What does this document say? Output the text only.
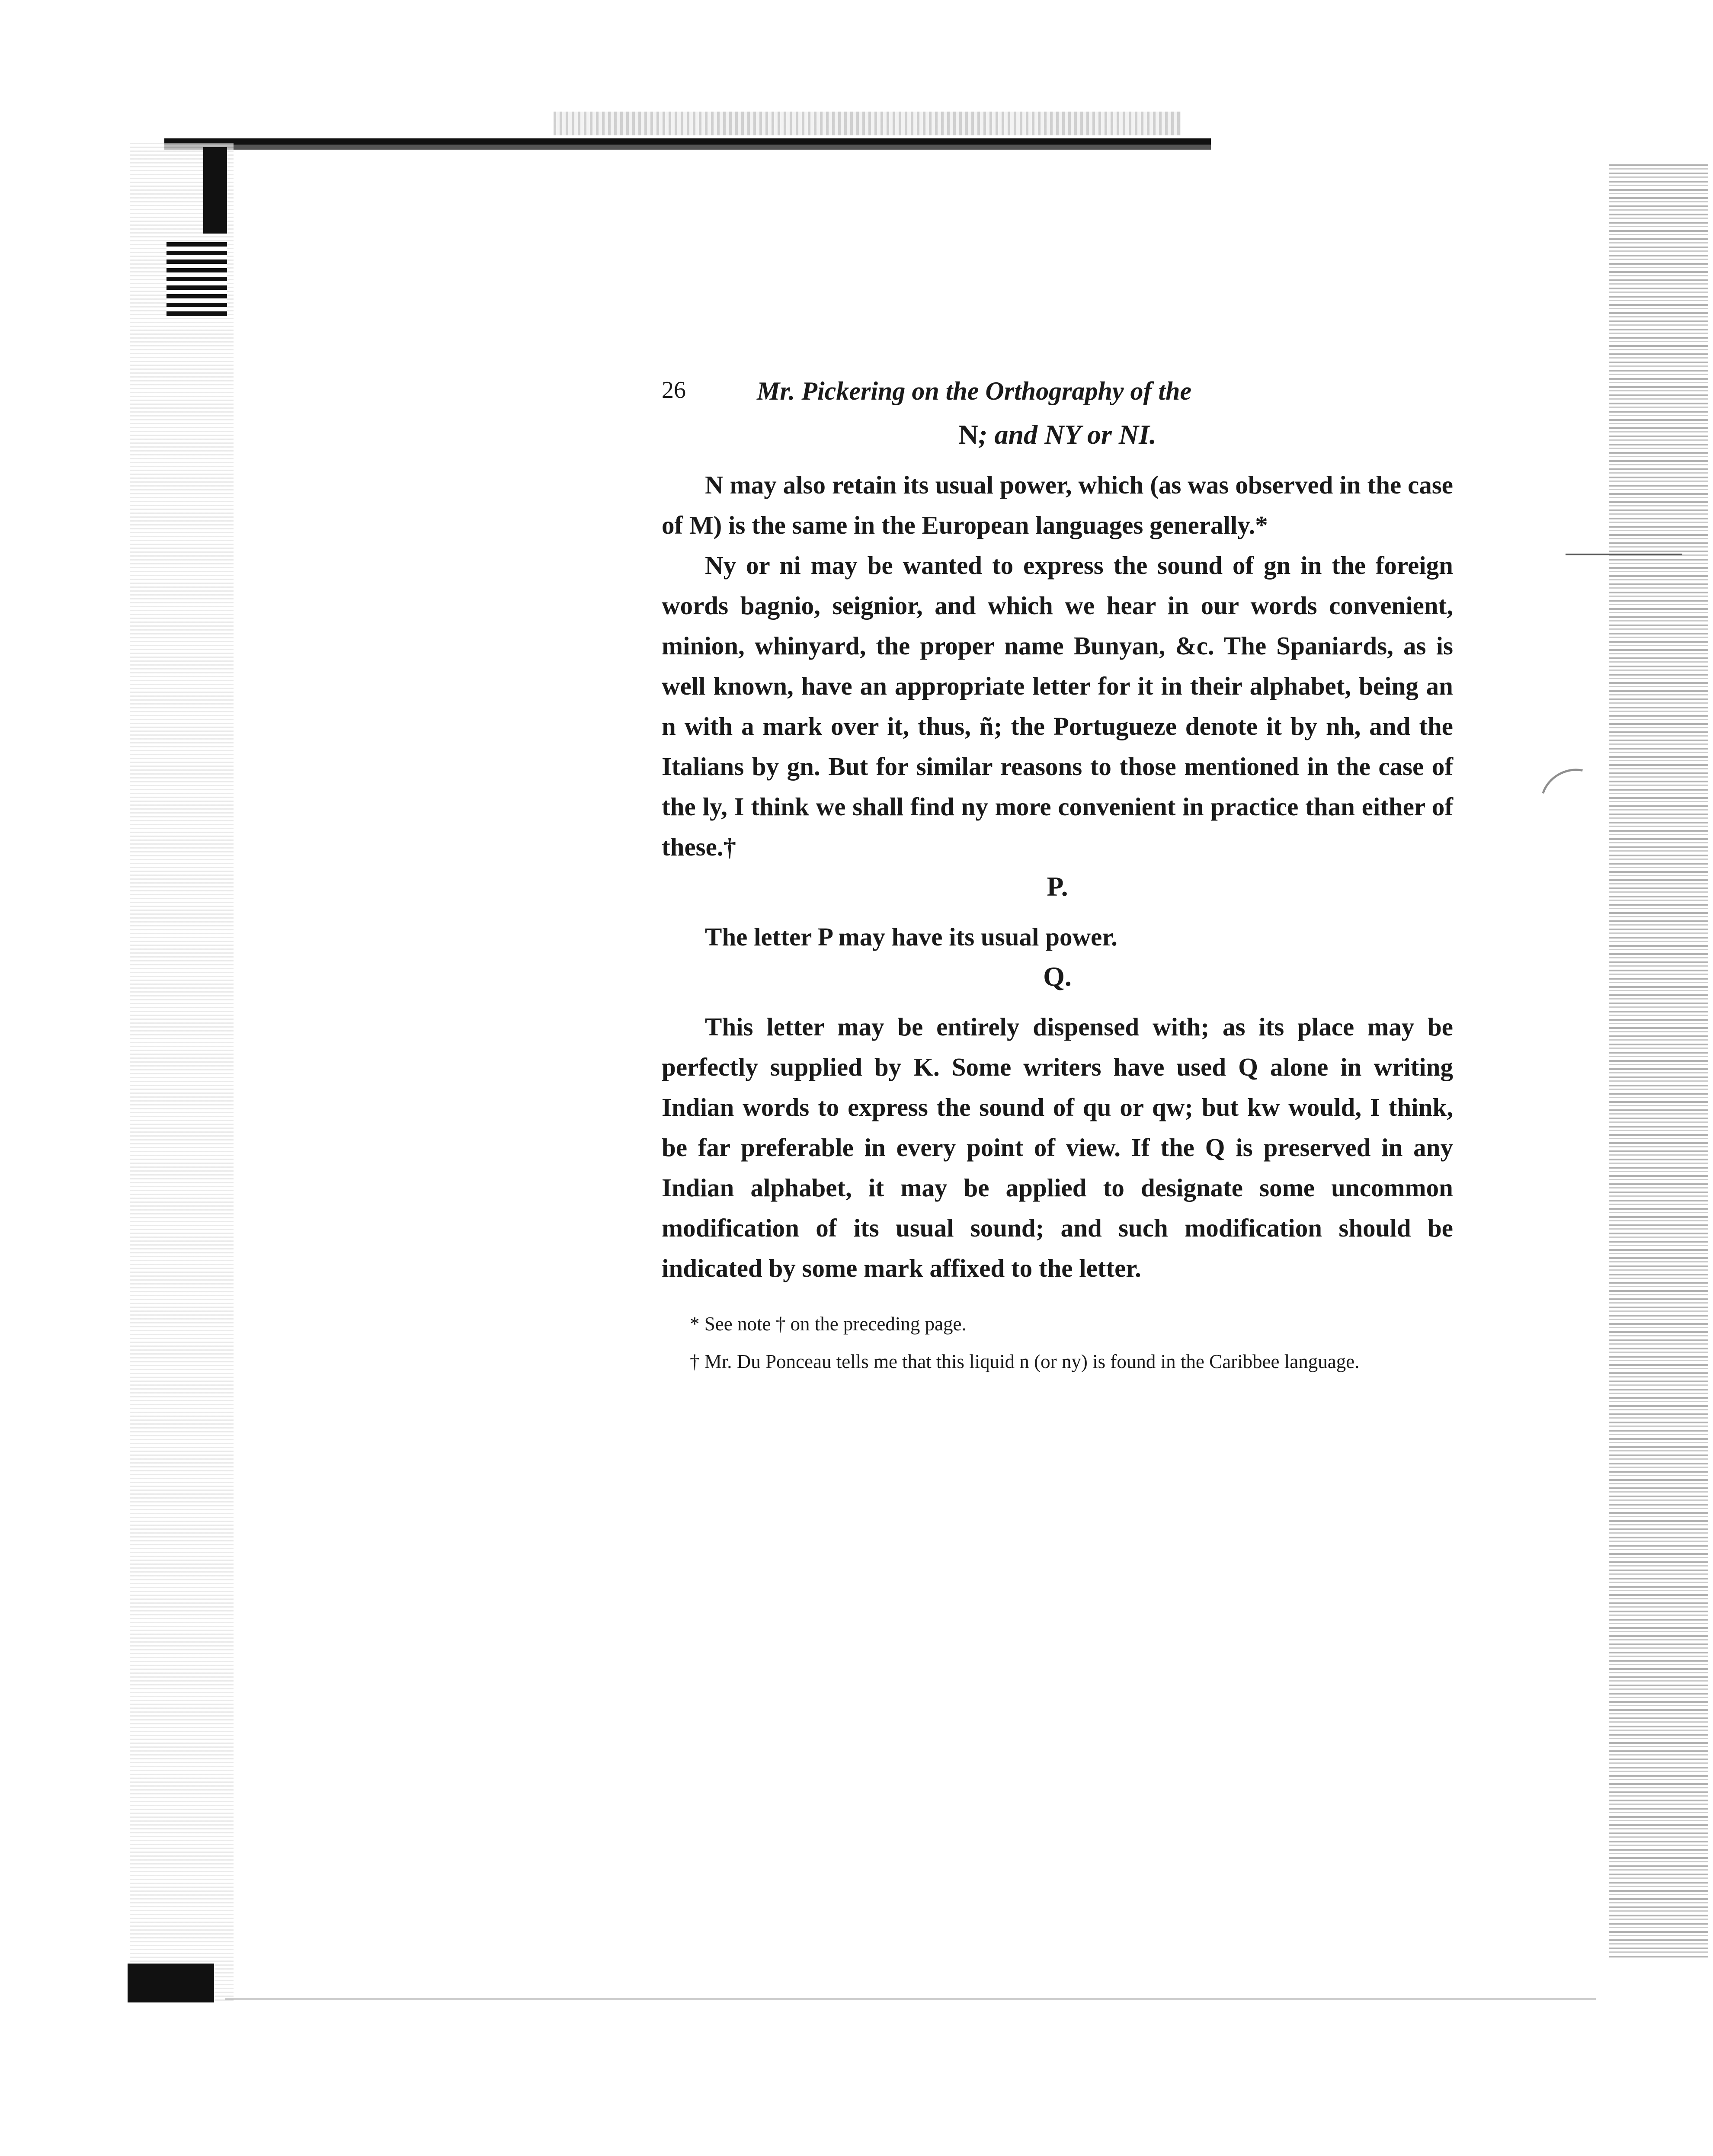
26	Mr. Pickering on the Orthography of the
N; and NY or NI.

N may also retain its usual power, which (as was observed in the case of M) is the same in the European languages generally.*

Ny or ni may be wanted to express the sound of gn in the foreign words bagnio, seignior, and which we hear in our words convenient, minion, whinyard, the proper name Bunyan, &c. The Spaniards, as is well known, have an appropriate letter for it in their alphabet, being an n with a mark over it, thus, ñ; the Portugueze denote it by nh, and the Italians by gn. But for similar reasons to those mentioned in the case of the ly, I think we shall find ny more convenient in practice than either of these.†

P.

The letter P may have its usual power.

Q.

This letter may be entirely dispensed with; as its place may be perfectly supplied by K. Some writers have used Q alone in writing Indian words to express the sound of qu or qw; but kw would, I think, be far preferable in every point of view. If the Q is preserved in any Indian alphabet, it may be applied to designate some uncommon modification of its usual sound; and such modification should be indicated by some mark affixed to the letter.

* See note † on the preceding page.

† Mr. Du Ponceau tells me that this liquid n (or ny) is found in the Caribbee language.
